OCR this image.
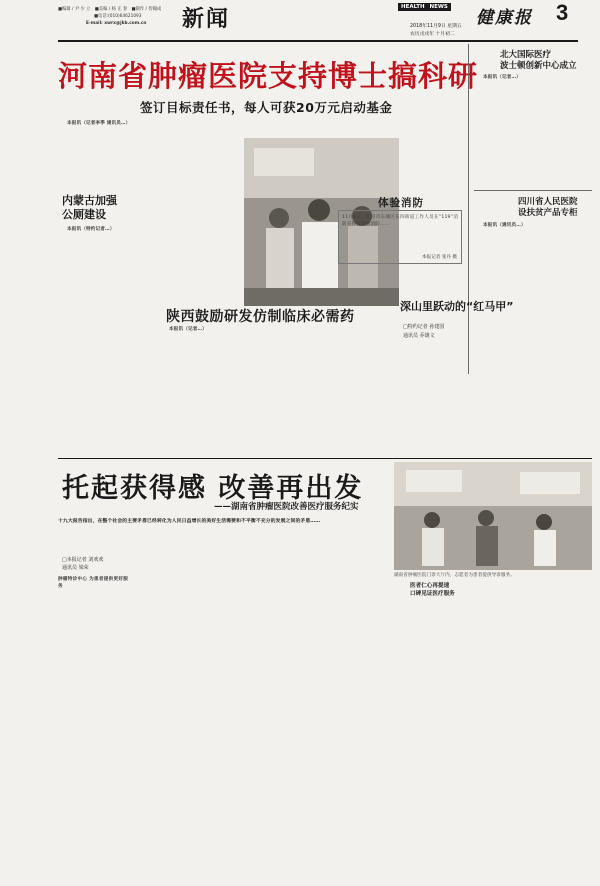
■编辑 / 尹 少 立　■美编 / 杨 正 春　■制作 / 侍翰成
■电话:(010)64621093
E-mail: xwrx@jkb.com.cn	新闻	HEALTH NEWS
健康报 3
2018年11月9日 星期五
农历戊戌年 十月初二
河南省肿瘤医院支持博士搞科研
签订目标责任书，每人可获20万元启动基金

本报讯（记者李季 通讯员…）

北大国际医疗
波士顿创新中心成立

本报讯（记者…）

四川省人民医院
设扶贫产品专柜

本报讯（通讯员…）

内蒙古加强
公厕建设

本报讯（特约记者…）

体验消防
11月8日，北京市东城区东四街道工作人员在“119”消防宣传日体验消防……
本报记者 张丹 摄
深山里跃动的“红马甲”
□特约记者 孙建国
通讯员 乔雄文
陕西鼓励研发仿制临床必需药

本报讯（记者…）

托起获得感 改善再出发
——湖南省肿瘤医院改善医疗服务纪实
十九大报告指出，在整个社会的主要矛盾已经转化为人民日益增长的美好生活需要和不平衡不充分的发展之间的矛盾……
□本报记者 刘欢欢
通讯员 梁荣

肿瘤特诊中心 为患者提供更好服务	医者仁心再提速
口碑见证医疗服务
湖南省肿瘤医院门诊大厅内，志愿者为患者提供导诊服务。
